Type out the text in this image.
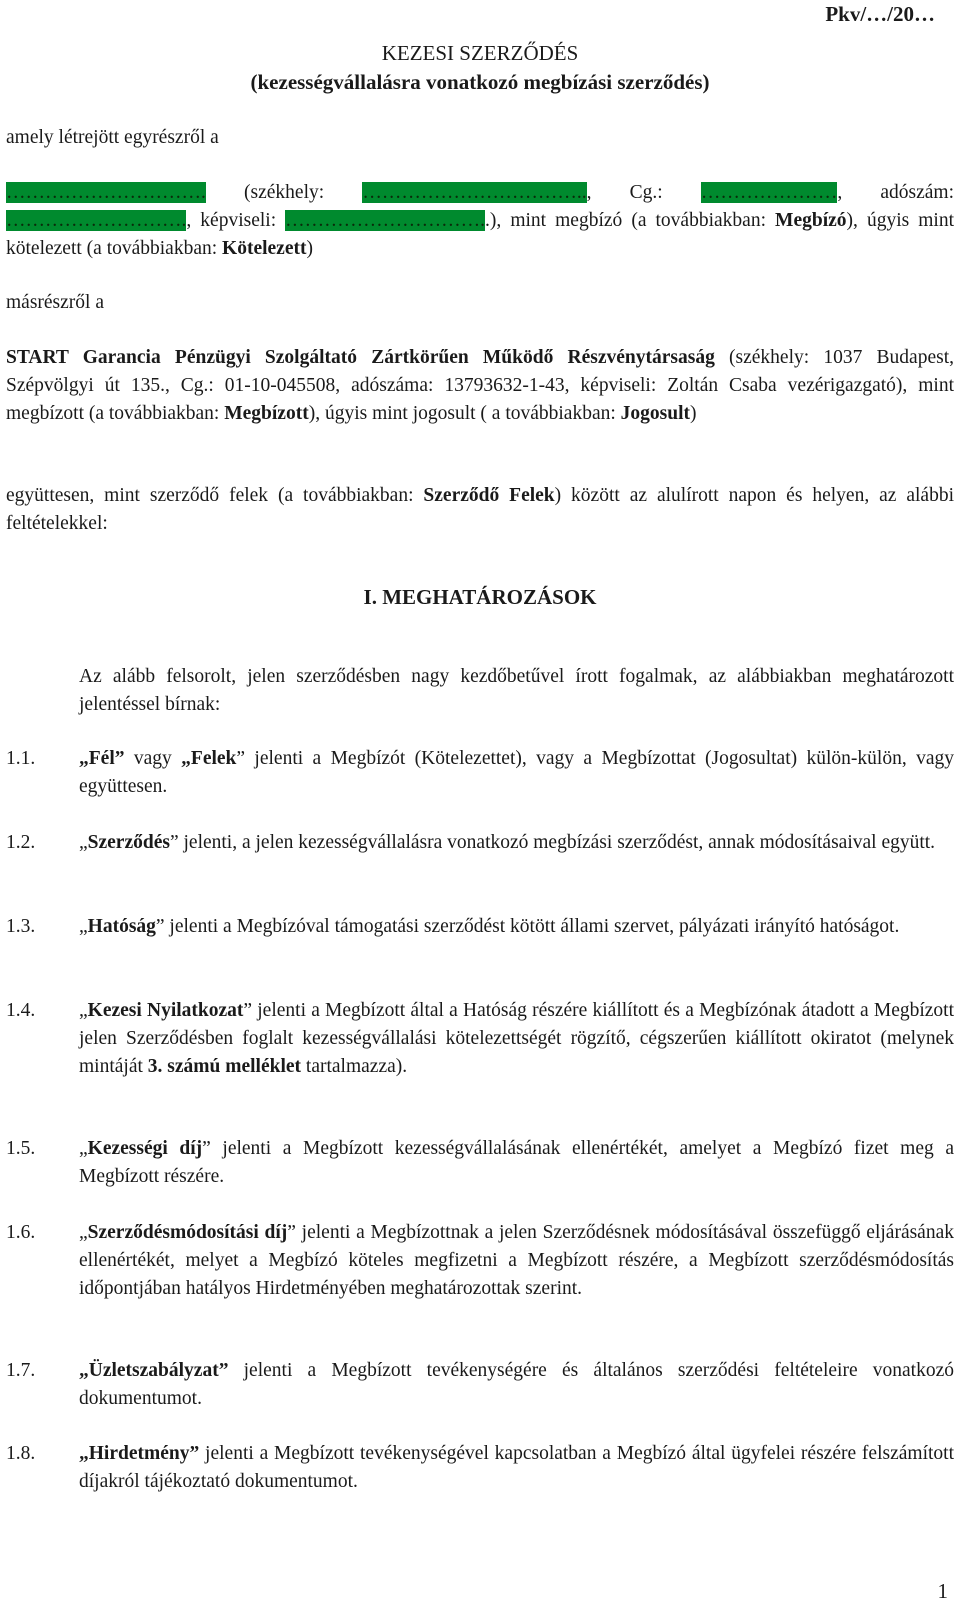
Pkv/…/20…
KEZESI SZERZŐDÉS
(kezességvállalásra vonatkozó megbízási szerződés)
amely létrejött egyrészről a
…………………………. (székhely: …………………………….., Cg.: …………………, adószám: ………………………., képviseli: …………………………..), mint megbízó (a továbbiakban: Megbízó), úgyis mint kötelezett (a továbbiakban: Kötelezett)
másrészről a
START Garancia Pénzügyi Szolgáltató Zártkörűen Működő Részvénytársaság (székhely: 1037 Budapest, Szépvölgyi út 135., Cg.: 01-10-045508, adószáma: 13793632-1-43, képviseli: Zoltán Csaba vezérigazgató), mint megbízott (a továbbiakban: Megbízott), úgyis mint jogosult ( a továbbiakban: Jogosult)
együttesen, mint szerződő felek (a továbbiakban: Szerződő Felek) között az alulírott napon és helyen, az alábbi feltételekkel:
I. MEGHATÁROZÁSOK
Az alább felsorolt, jelen szerződésben nagy kezdőbetűvel írott fogalmak, az alábbiakban meghatározott jelentéssel bírnak:
1.1.	„Fél” vagy „Felek” jelenti a Megbízót (Kötelezettet), vagy a Megbízottat (Jogosultat) külön-külön, vagy együttesen.
1.2.	„Szerződés” jelenti, a jelen kezességvállalásra vonatkozó megbízási szerződést, annak módosításaival együtt.
1.3.	„Hatóság” jelenti a Megbízóval támogatási szerződést kötött állami szervet, pályázati irányító hatóságot.
1.4.	„Kezesi Nyilatkozat” jelenti a Megbízott által a Hatóság részére kiállított és a Megbízónak átadott a Megbízott jelen Szerződésben foglalt kezességvállalási kötelezettségét rögzítő, cégszerűen kiállított okiratot (melynek mintáját 3. számú melléklet tartalmazza).
1.5.	„Kezességi díj” jelenti a Megbízott kezességvállalásának ellenértékét, amelyet a Megbízó fizet meg a Megbízott részére.
1.6.	„Szerződésmódosítási díj” jelenti a Megbízottnak a jelen Szerződésnek módosításával összefüggő eljárásának ellenértékét, melyet a Megbízó köteles megfizetni a Megbízott részére, a Megbízott szerződésmódosítás időpontjában hatályos Hirdetményében meghatározottak szerint.
1.7.	„Üzletszabályzat” jelenti a Megbízott tevékenységére és általános szerződési feltételeire vonatkozó dokumentumot.
1.8.	„Hirdetmény” jelenti a Megbízott tevékenységével kapcsolatban a Megbízó által ügyfelei részére felszámított díjakról tájékoztató dokumentumot.
1
